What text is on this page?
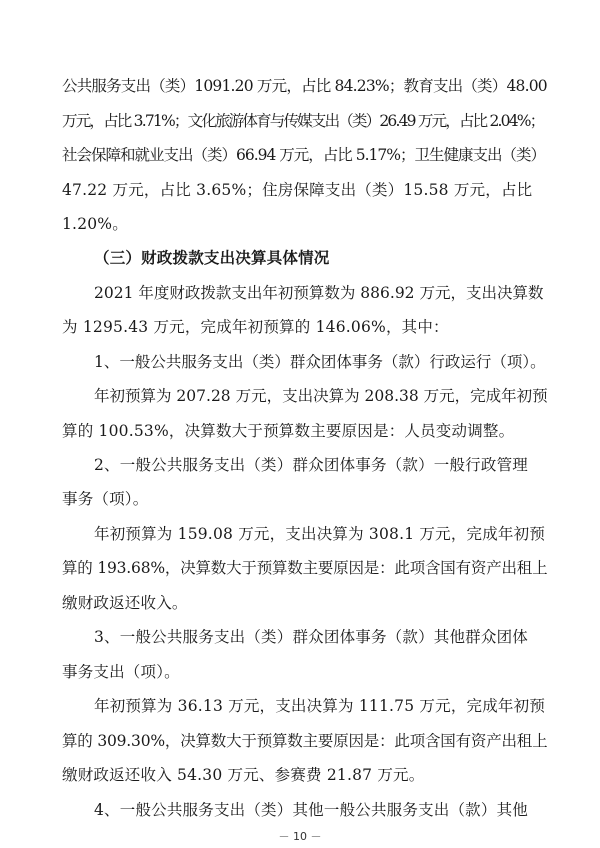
公共服务支出（类）1091.20 万元，占比 84.23%；教育支出（类）48.00
万元，占比 3.71%；文化旅游体育与传媒支出（类）26.49 万元，占比 2.04%；
社会保障和就业支出（类）66.94 万元，占比 5.17%；卫生健康支出（类）
47.22 万元，占比 3.65%；住房保障支出（类）15.58 万元，占比
1.20%。
（三）财政拨款支出决算具体情况
2021 年度财政拨款支出年初预算数为 886.92 万元，支出决算数
为 1295.43 万元，完成年初预算的 146.06%，其中：
1、一般公共服务支出（类）群众团体事务（款）行政运行（项）。
年初预算为 207.28 万元，支出决算为 208.38 万元，完成年初预
算的 100.53%，决算数大于预算数主要原因是：人员变动调整。
2、一般公共服务支出（类）群众团体事务（款）一般行政管理
事务（项）。
年初预算为 159.08 万元，支出决算为 308.1 万元，完成年初预
算的 193.68%，决算数大于预算数主要原因是：此项含国有资产出租上
缴财政返还收入。
3、一般公共服务支出（类）群众团体事务（款）其他群众团体
事务支出（项）。
年初预算为 36.13 万元，支出决算为 111.75 万元，完成年初预
算的 309.30%，决算数大于预算数主要原因是：此项含国有资产出租上
缴财政返还收入 54.30 万元、参赛费 21.87 万元。
4、一般公共服务支出（类）其他一般公共服务支出（款）其他
－ 10 －
